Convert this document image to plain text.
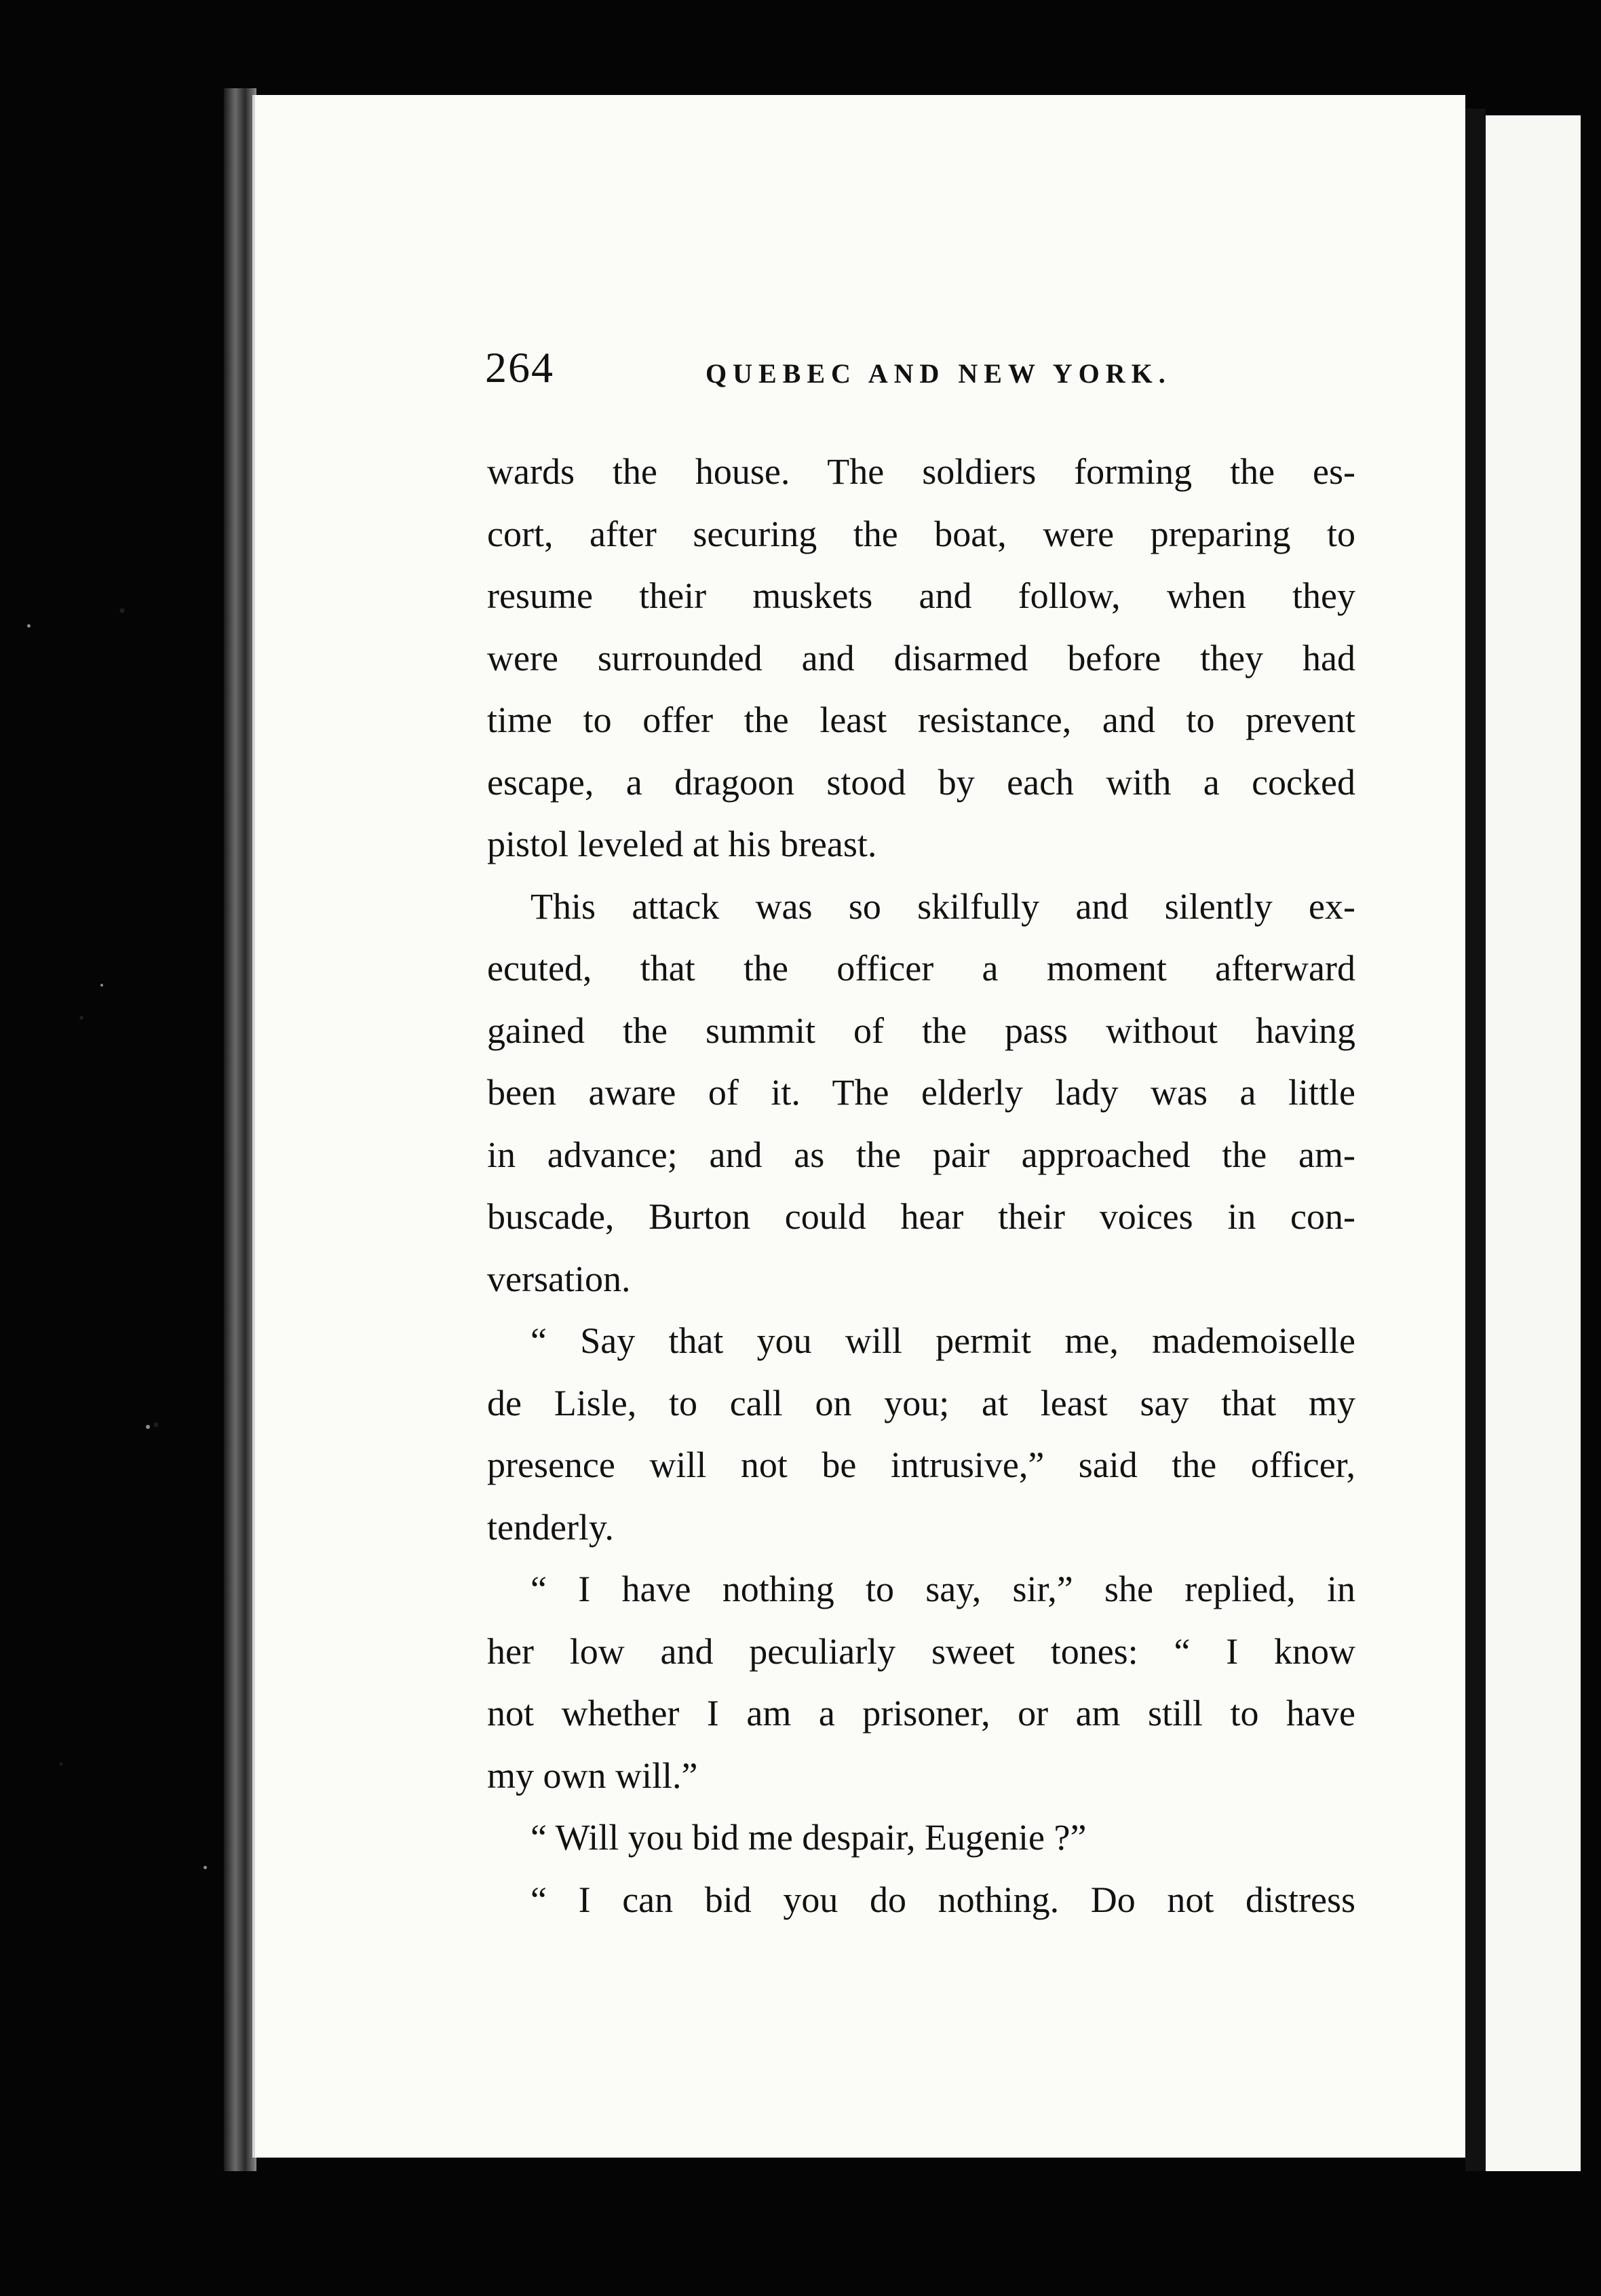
264	QUEBEC AND NEW YORK.
wards the house. The soldiers forming the es-
cort, after securing the boat, were preparing to
resume their muskets and follow, when they
were surrounded and disarmed before they had
time to offer the least resistance, and to prevent
escape, a dragoon stood by each with a cocked
pistol leveled at his breast.
This attack was so skilfully and silently ex-
ecuted, that the officer a moment afterward
gained the summit of the pass without having
been aware of it. The elderly lady was a little
in advance; and as the pair approached the am-
buscade, Burton could hear their voices in con-
versation.
“ Say that you will permit me, mademoiselle
de Lisle, to call on you; at least say that my
presence will not be intrusive,” said the officer,
tenderly.
“ I have nothing to say, sir,” she replied, in
her low and peculiarly sweet tones: “ I know
not whether I am a prisoner, or am still to have
my own will.”
“ Will you bid me despair, Eugenie ?”
“ I can bid you do nothing. Do not distress
